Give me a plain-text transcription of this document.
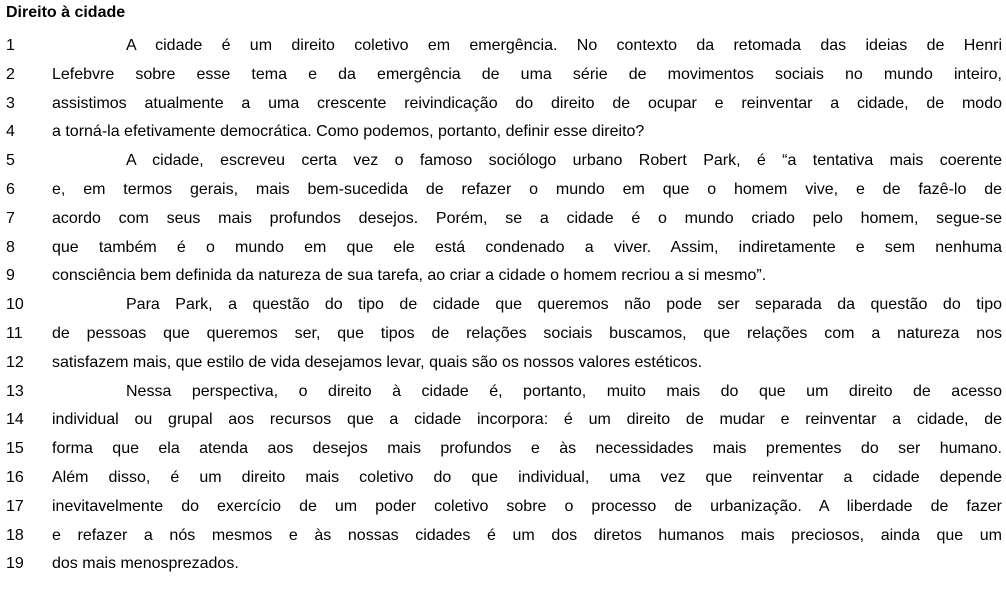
Direito à cidade
1	A cidade é um direito coletivo em emergência. No contexto da retomada das ideias de Henri
2	Lefebvre sobre esse tema e da emergência de uma série de movimentos sociais no mundo inteiro,
3	assistimos atualmente a uma crescente reivindicação do direito de ocupar e reinventar a cidade, de modo
4	a torná-la efetivamente democrática. Como podemos, portanto, definir esse direito?
5	A cidade, escreveu certa vez o famoso sociólogo urbano Robert Park, é “a tentativa mais coerente
6	e, em termos gerais, mais bem-sucedida de refazer o mundo em que o homem vive, e de fazê-lo de
7	acordo com seus mais profundos desejos. Porém, se a cidade é o mundo criado pelo homem, segue-se
8	que também é o mundo em que ele está condenado a viver. Assim, indiretamente e sem nenhuma
9	consciência bem definida da natureza de sua tarefa, ao criar a cidade o homem recriou a si mesmo”.
10	Para Park, a questão do tipo de cidade que queremos não pode ser separada da questão do tipo
11	de pessoas que queremos ser, que tipos de relações sociais buscamos, que relações com a natureza nos
12	satisfazem mais, que estilo de vida desejamos levar, quais são os nossos valores estéticos.
13	Nessa perspectiva, o direito à cidade é, portanto, muito mais do que um direito de acesso
14	individual ou grupal aos recursos que a cidade incorpora: é um direito de mudar e reinventar a cidade, de
15	forma que ela atenda aos desejos mais profundos e às necessidades mais prementes do ser humano.
16	Além disso, é um direito mais coletivo do que individual, uma vez que reinventar a cidade depende
17	inevitavelmente do exercício de um poder coletivo sobre o processo de urbanização. A liberdade de fazer
18	e refazer a nós mesmos e às nossas cidades é um dos diretos humanos mais preciosos, ainda que um
19	dos mais menosprezados.
